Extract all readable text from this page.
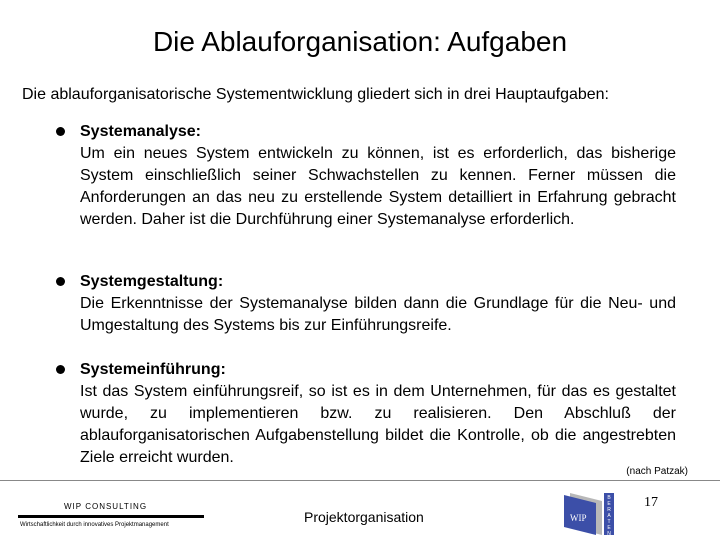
Die Ablauforganisation: Aufgaben
Die ablauforganisatorische Systementwicklung gliedert sich in drei Hauptaufgaben:
Systemanalyse:
Um ein neues System entwickeln zu können, ist es erforderlich, das bisherige System einschließlich seiner Schwachstellen zu kennen. Ferner müssen die Anforderungen an das neu zu erstellende System detailliert in Erfahrung gebracht werden. Daher ist die Durchführung einer Systemanalyse erforderlich.
Systemgestaltung:
Die Erkenntnisse der Systemanalyse bilden dann die Grundlage für die Neu- und Umgestaltung des Systems bis zur Einführungsreife.
Systemeinführung:
Ist das System einführungsreif, so ist es in dem Unternehmen, für das es gestaltet wurde, zu implementieren bzw. zu realisieren. Den Abschluß der ablauforganisatorischen Aufgabenstellung bildet die Kontrolle, ob die angestrebten Ziele erreicht wurden.
(nach Patzak)
WIP CONSULTING
Wirtschaftlichkeit durch innovatives Projektmanagement	Projektorganisation	WIP
B
E
R
A
T
E
N
17
